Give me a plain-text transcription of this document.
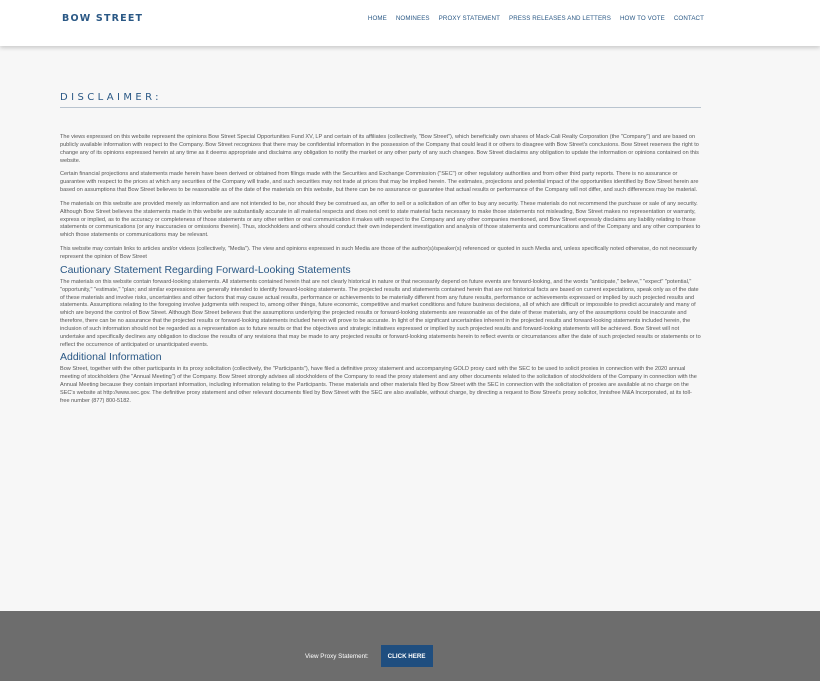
BOW STREET	HOME NOMINEES PROXY STATEMENT PRESS RELEASES AND LETTERS HOW TO VOTE CONTACT
DISCLAIMER:

The views expressed on this website represent the opinions Bow Street Special Opportunities Fund XV, LP and certain of its affiliates (collectively, "Bow Street"), which beneficially own shares of Mack-Cali Realty Corporation (the "Company") and are based on publicly available information with respect to the Company. Bow Street recognizes that there may be confidential information in the possession of the Company that could lead it or others to disagree with Bow Street's conclusions. Bow Street reserves the right to change any of its opinions expressed herein at any time as it deems appropriate and disclaims any obligation to notify the market or any other party of any such changes. Bow Street disclaims any obligation to update the information or opinions contained on this website.

Certain financial projections and statements made herein have been derived or obtained from filings made with the Securities and Exchange Commission ("SEC") or other regulatory authorities and from other third party reports. There is no assurance or guarantee with respect to the prices at which any securities of the Company will trade, and such securities may not trade at prices that may be implied herein. The estimates, projections and potential impact of the opportunities identified by Bow Street herein are based on assumptions that Bow Street believes to be reasonable as of the date of the materials on this website, but there can be no assurance or guarantee that actual results or performance of the Company will not differ, and such differences may be material.

The materials on this website are provided merely as information and are not intended to be, nor should they be construed as, an offer to sell or a solicitation of an offer to buy any security. These materials do not recommend the purchase or sale of any security. Although Bow Street believes the statements made in this website are substantially accurate in all material respects and does not omit to state material facts necessary to make those statements not misleading, Bow Street makes no representation or warranty, express or implied, as to the accuracy or completeness of those statements or any other written or oral communication it makes with respect to the Company and any other companies mentioned, and Bow Street expressly disclaims any liability relating to those statements or communications (or any inaccuracies or omissions therein). Thus, stockholders and others should conduct their own independent investigation and analysis of those statements and communications and of the Company and any other companies to which those statements or communications may be relevant.

This website may contain links to articles and/or videos (collectively, "Media"). The view and opinions expressed in such Media are those of the author(s)/speaker(s) referenced or quoted in such Media and, unless specifically noted otherwise, do not necessarily represent the opinion of Bow Street

Cautionary Statement Regarding Forward-Looking Statements

The materials on this website contain forward-looking statements. All statements contained herein that are not clearly historical in nature or that necessarily depend on future events are forward-looking, and the words "anticipate," believe," "expect" "potential," "opportunity," "estimate," "plan; and similar expressions are generally intended to identify forward-looking statements. The projected results and statements contained herein that are not historical facts are based on current expectations, speak only as of the date of these materials and involve risks, uncertainties and other factors that may cause actual results, performance or achievements to be materially different from any future results, performance or achievements expressed or implied by such projected results and statements. Assumptions relating to the foregoing involve judgments with respect to, among other things, future economic, competitive and market conditions and future business decisions, all of which are difficult or impossible to predict accurately and many of which are beyond the control of Bow Street. Although Bow Street believes that the assumptions underlying the projected results or forward-looking statements are reasonable as of the date of these materials, any of the assumptions could be inaccurate and therefore, there can be no assurance that the projected results or forward-looking statements included herein will prove to be accurate. In light of the significant uncertainties inherent in the projected results and forward-looking statements included herein, the inclusion of such information should not be regarded as a representation as to future results or that the objectives and strategic initiatives expressed or implied by such projected results and forward-looking statements will be achieved. Bow Street will not undertake and specifically declines any obligation to disclose the results of any revisions that may be made to any projected results or forward-looking statements herein to reflect events or circumstances after the date of such projected results or statements or to reflect the occurrence of anticipated or unanticipated events.

Additional Information

Bow Street, together with the other participants in its proxy solicitation (collectively, the "Participants"), have filed a definitive proxy statement and accompanying GOLD proxy card with the SEC to be used to solicit proxies in connection with the 2020 annual meeting of stockholders (the "Annual Meeting") of the Company. Bow Street strongly advises all stockholders of the Company to read the proxy statement and any other documents related to the solicitation of stockholders of the Company in connection with the Annual Meeting because they contain important information, including information relating to the Participants. These materials and other materials filed by Bow Street with the SEC in connection with the solicitation of proxies are available at no charge on the SEC's website at http://www.sec.gov. The definitive proxy statement and other relevant documents filed by Bow Street with the SEC are also available, without charge, by directing a request to Bow Street's proxy solicitor, Innisfree M&A Incorporated, at its toll-free number (877) 800-5182.

View Proxy Statement:	CLICK HERE
